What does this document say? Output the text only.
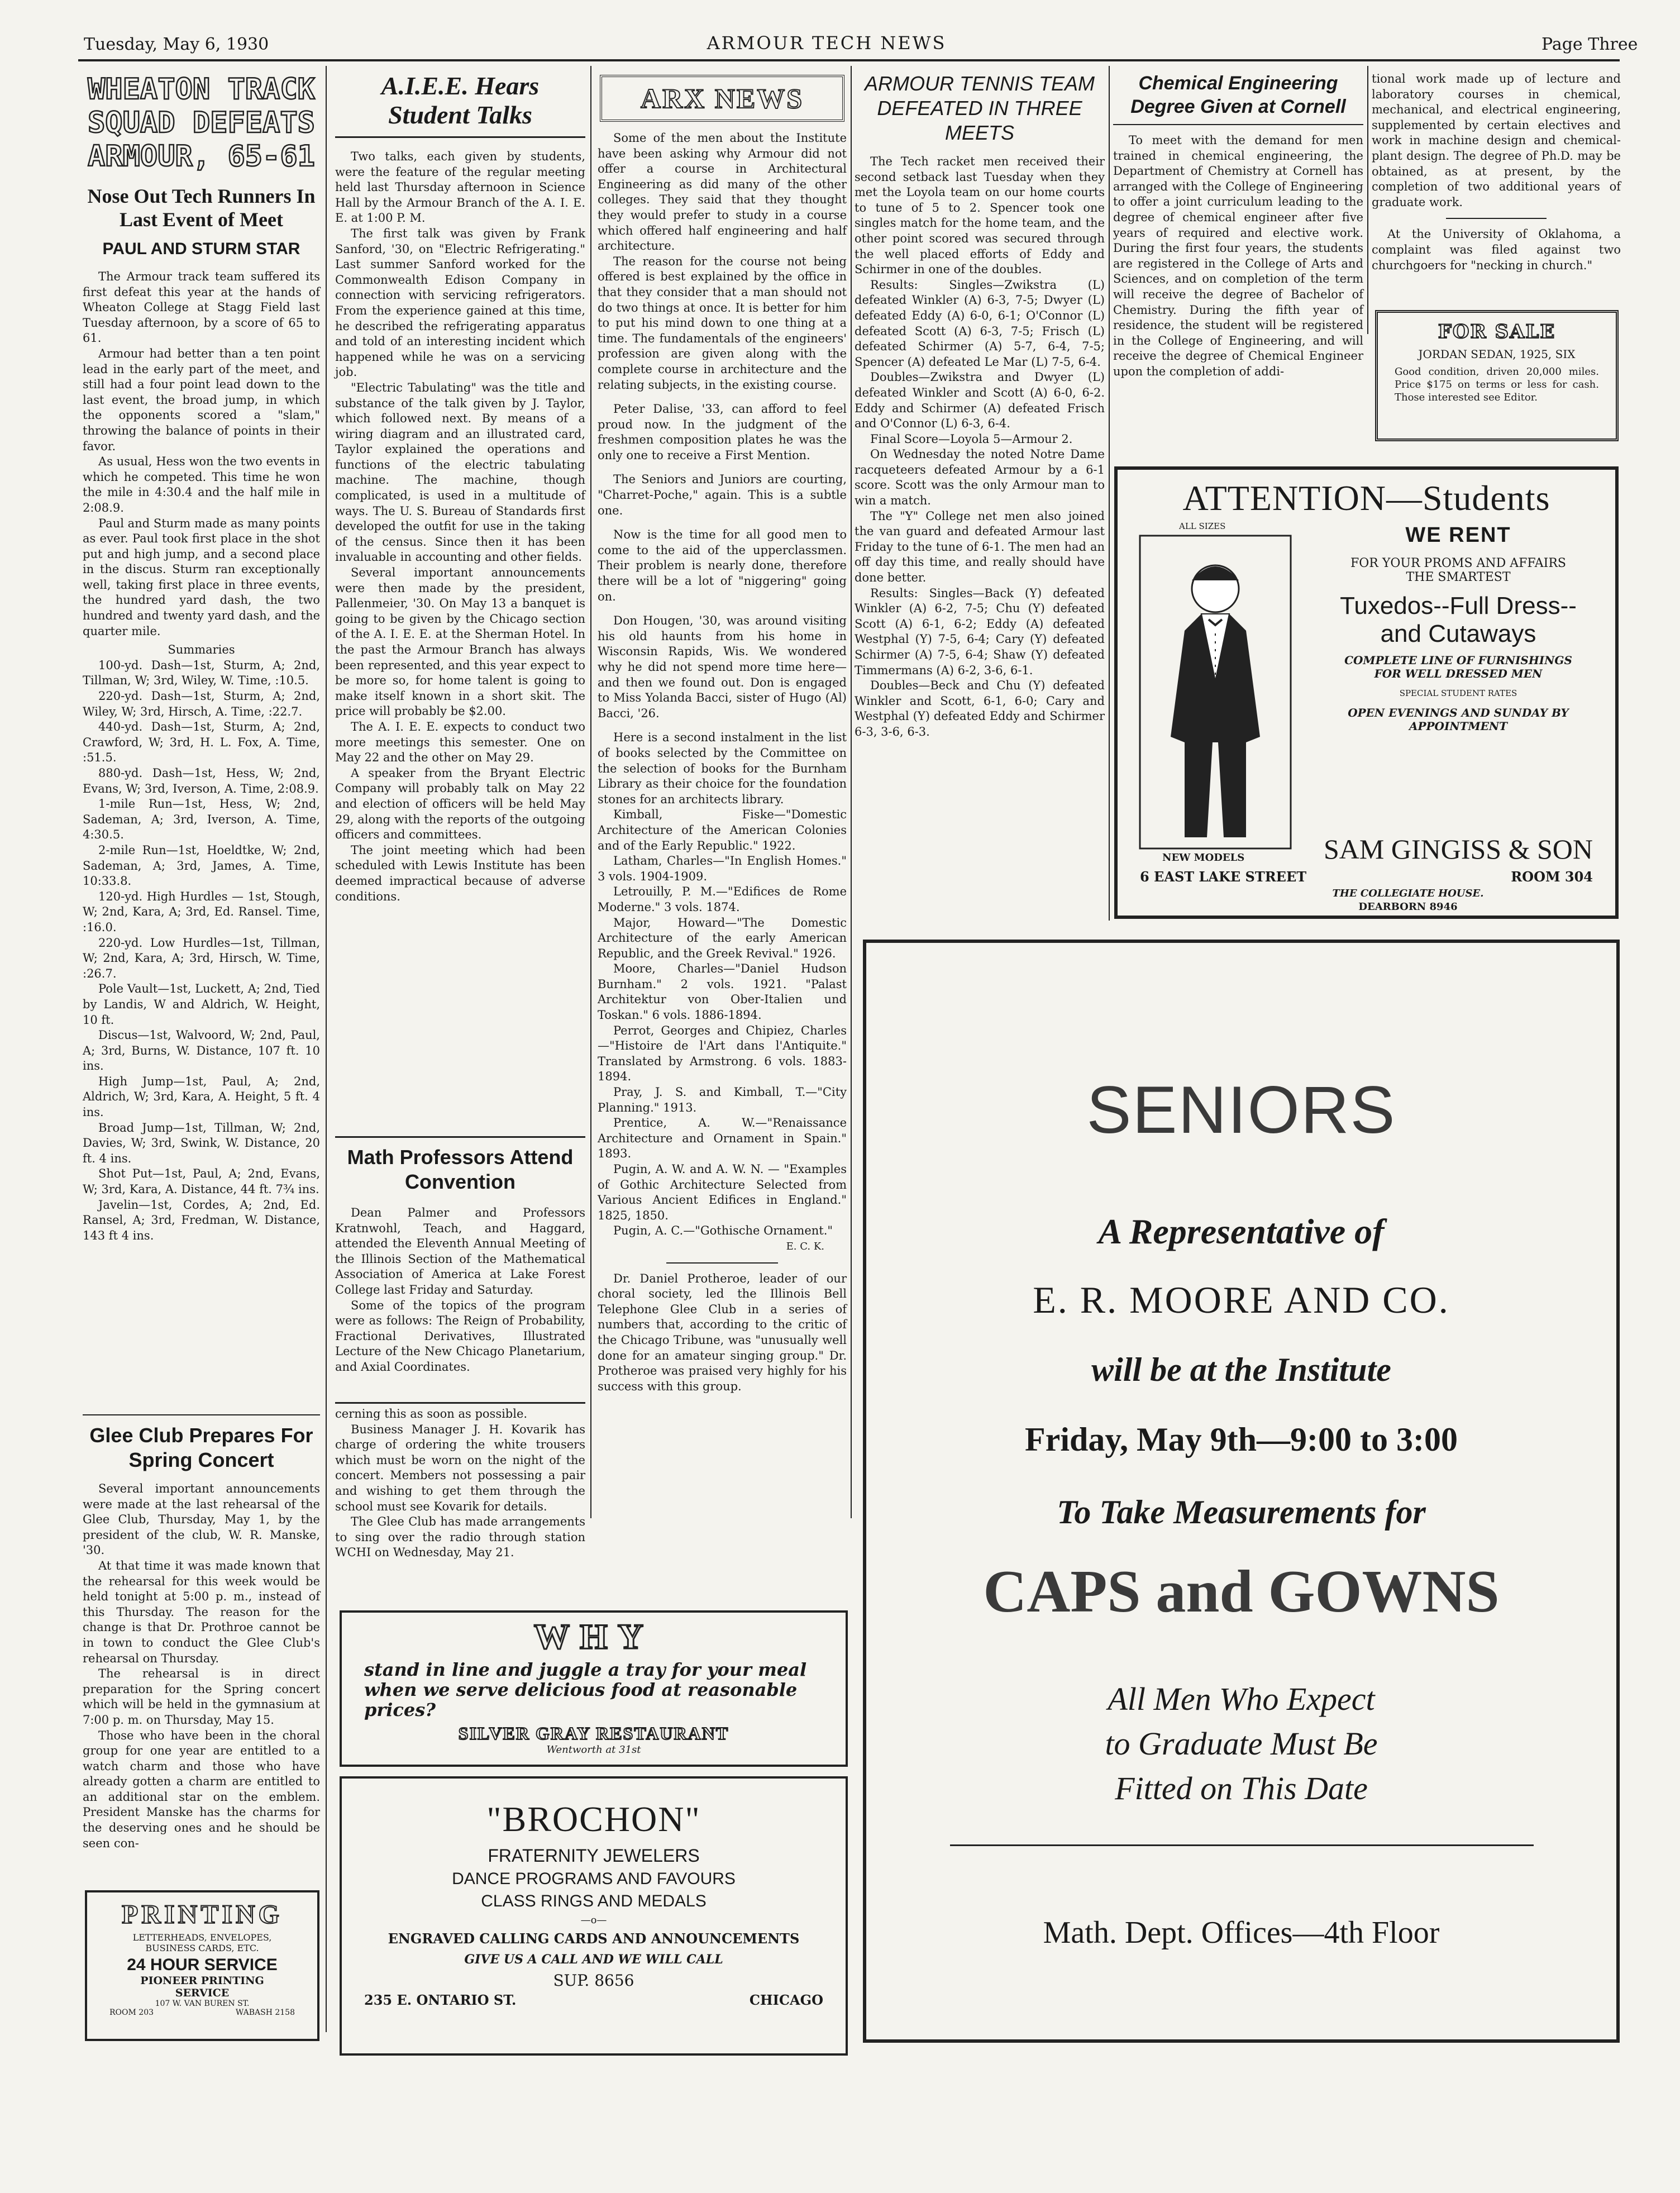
Tuesday, May 6, 1930	ARMOUR TECH NEWS	Page Three
WHEATON TRACK SQUAD DEFEATS ARMOUR, 65-61
Nose Out Tech Runners In Last Event of Meet
PAUL AND STURM STAR

The Armour track team suffered its first defeat this year at the hands of Wheaton College at Stagg Field last Tuesday afternoon, by a score of 65 to 61.

Armour had better than a ten point lead in the early part of the meet, and still had a four point lead down to the last event, the broad jump, in which the opponents scored a "slam," throwing the balance of points in their favor.

As usual, Hess won the two events in which he competed. This time he won the mile in 4:30.4 and the half mile in 2:08.9.

Paul and Sturm made as many points as ever. Paul took first place in the shot put and high jump, and a second place in the discus. Sturm ran exceptionally well, taking first place in three events, the hundred yard dash, the two hundred and twenty yard dash, and the quarter mile.

Summaries

100-yd. Dash—1st, Sturm, A; 2nd, Tillman, W; 3rd, Wiley, W. Time, :10.5.

220-yd. Dash—1st, Sturm, A; 2nd, Wiley, W; 3rd, Hirsch, A. Time, :22.7.

440-yd. Dash—1st, Sturm, A; 2nd, Crawford, W; 3rd, H. L. Fox, A. Time, :51.5.

880-yd. Dash—1st, Hess, W; 2nd, Evans, W; 3rd, Iverson, A. Time, 2:08.9.

1-mile Run—1st, Hess, W; 2nd, Sademan, A; 3rd, Iverson, A. Time, 4:30.5.

2-mile Run—1st, Hoeldtke, W; 2nd, Sademan, A; 3rd, James, A. Time, 10:33.8.

120-yd. High Hurdles — 1st, Stough, W; 2nd, Kara, A; 3rd, Ed. Ransel. Time, :16.0.

220-yd. Low Hurdles—1st, Tillman, W; 2nd, Kara, A; 3rd, Hirsch, W. Time, :26.7.

Pole Vault—1st, Luckett, A; 2nd, Tied by Landis, W and Aldrich, W. Height, 10 ft.

Discus—1st, Walvoord, W; 2nd, Paul, A; 3rd, Burns, W. Distance, 107 ft. 10 ins.

High Jump—1st, Paul, A; 2nd, Aldrich, W; 3rd, Kara, A. Height, 5 ft. 4 ins.

Broad Jump—1st, Tillman, W; 2nd, Davies, W; 3rd, Swink, W. Distance, 20 ft. 4 ins.

Shot Put—1st, Paul, A; 2nd, Evans, W; 3rd, Kara, A. Distance, 44 ft. 7¾ ins.

Javelin—1st, Cordes, A; 2nd, Ed. Ransel, A; 3rd, Fredman, W. Distance, 143 ft 4 ins.

Glee Club Prepares For Spring Concert

Several important announcements were made at the last rehearsal of the Glee Club, Thursday, May 1, by the president of the club, W. R. Manske, '30.

At that time it was made known that the rehearsal for this week would be held tonight at 5:00 p. m., instead of this Thursday. The reason for the change is that Dr. Prothroe cannot be in town to conduct the Glee Club's rehearsal on Thursday.

The rehearsal is in direct preparation for the Spring concert which will be held in the gymnasium at 7:00 p. m. on Thursday, May 15.

Those who have been in the choral group for one year are entitled to a watch charm and those who have already gotten a charm are entitled to an additional star on the emblem. President Manske has the charms for the deserving ones and he should be seen con-

PRINTING
LETTERHEADS, ENVELOPES,
BUSINESS CARDS, ETC.
24 HOUR SERVICE
PIONEER PRINTING
SERVICE
107 W. VAN BUREN ST.
ROOM 203	WABASH 2158
A.I.E.E. Hears Student Talks

Two talks, each given by students, were the feature of the regular meeting held last Thursday afternoon in Science Hall by the Armour Branch of the A. I. E. E. at 1:00 P. M.

The first talk was given by Frank Sanford, '30, on "Electric Refrigerating." Last summer Sanford worked for the Commonwealth Edison Company in connection with servicing refrigerators. From the experience gained at this time, he described the refrigerating apparatus and told of an interesting incident which happened while he was on a servicing job.

"Electric Tabulating" was the title and substance of the talk given by J. Taylor, which followed next. By means of a wiring diagram and an illustrated card, Taylor explained the operations and functions of the electric tabulating machine. The machine, though complicated, is used in a multitude of ways. The U. S. Bureau of Standards first developed the outfit for use in the taking of the census. Since then it has been invaluable in accounting and other fields.

Several important announcements were then made by the president, Pallenmeier, '30. On May 13 a banquet is going to be given by the Chicago section of the A. I. E. E. at the Sherman Hotel. In the past the Armour Branch has always been represented, and this year expect to be more so, for home talent is going to make itself known in a short skit. The price will probably be $2.00.

The A. I. E. E. expects to conduct two more meetings this semester. One on May 22 and the other on May 29.

A speaker from the Bryant Electric Company will probably talk on May 22 and election of officers will be held May 29, along with the reports of the outgoing officers and committees.

The joint meeting which had been scheduled with Lewis Institute has been deemed impractical because of adverse conditions.

Math Professors Attend Convention

Dean Palmer and Professors Kratnwohl, Teach, and Haggard, attended the Eleventh Annual Meeting of the Illinois Section of the Mathematical Association of America at Lake Forest College last Friday and Saturday.

Some of the topics of the program were as follows: The Reign of Probability, Fractional Derivatives, Illustrated Lecture of the New Chicago Planetarium, and Axial Coordinates.

cerning this as soon as possible.

Business Manager J. H. Kovarik has charge of ordering the white trousers which must be worn on the night of the concert. Members not possessing a pair and wishing to get them through the school must see Kovarik for details.

The Glee Club has made arrangements to sing over the radio through station WCHI on Wednesday, May 21.

ARX NEWS

Some of the men about the Institute have been asking why Armour did not offer a course in Architectural Engineering as did many of the other colleges. They said that they thought they would prefer to study in a course which offered half engineering and half architecture.

The reason for the course not being offered is best explained by the office in that they consider that a man should not do two things at once. It is better for him to put his mind down to one thing at a time. The fundamentals of the engineers' profession are given along with the complete course in architecture and the relating subjects, in the existing course.

Peter Dalise, '33, can afford to feel proud now. In the judgment of the freshmen composition plates he was the only one to receive a First Mention.

The Seniors and Juniors are courting, "Charret-Poche," again. This is a subtle one.

Now is the time for all good men to come to the aid of the upperclassmen. Their problem is nearly done, therefore there will be a lot of "niggering" going on.

Don Hougen, '30, was around visiting his old haunts from his home in Wisconsin Rapids, Wis. We wondered why he did not spend more time here—and then we found out. Don is engaged to Miss Yolanda Bacci, sister of Hugo (Al) Bacci, '26.

Here is a second instalment in the list of books selected by the Committee on the selection of books for the Burnham Library as their choice for the foundation stones for an architects library.

Kimball, Fiske—"Domestic Architecture of the American Colonies and of the Early Republic." 1922.

Latham, Charles—"In English Homes." 3 vols. 1904-1909.

Letrouilly, P. M.—"Edifices de Rome Moderne." 3 vols. 1874.

Major, Howard—"The Domestic Architecture of the early American Republic, and the Greek Revival." 1926.

Moore, Charles—"Daniel Hudson Burnham." 2 vols. 1921. "Palast Architektur von Ober-Italien und Toskan." 6 vols. 1886-1894.

Perrot, Georges and Chipiez, Charles—"Histoire de l'Art dans l'Antiquite." Translated by Armstrong. 6 vols. 1883-1894.

Pray, J. S. and Kimball, T.—"City Planning." 1913.

Prentice, A. W.—"Renaissance Architecture and Ornament in Spain." 1893.

Pugin, A. W. and A. W. N. — "Examples of Gothic Architecture Selected from Various Ancient Edifices in England." 1825, 1850.

Pugin, A. C.—"Gothische Ornament."

E. C. K.

Dr. Daniel Protheroe, leader of our choral society, led the Illinois Bell Telephone Glee Club in a series of numbers that, according to the critic of the Chicago Tribune, was "unusually well done for an amateur singing group." Dr. Protheroe was praised very highly for his success with this group.

ARMOUR TENNIS TEAM DEFEATED IN THREE MEETS

The Tech racket men received their second setback last Tuesday when they met the Loyola team on our home courts to tune of 5 to 2. Spencer took one singles match for the home team, and the other point scored was secured through the well placed efforts of Eddy and Schirmer in one of the doubles.

Results: Singles—Zwikstra (L) defeated Winkler (A) 6-3, 7-5; Dwyer (L) defeated Eddy (A) 6-0, 6-1; O'Connor (L) defeated Scott (A) 6-3, 7-5; Frisch (L) defeated Schirmer (A) 5-7, 6-4, 7-5; Spencer (A) defeated Le Mar (L) 7-5, 6-4.

Doubles—Zwikstra and Dwyer (L) defeated Winkler and Scott (A) 6-0, 6-2. Eddy and Schirmer (A) defeated Frisch and O'Connor (L) 6-3, 6-4.

Final Score—Loyola 5—Armour 2.

On Wednesday the noted Notre Dame racqueteers defeated Armour by a 6-1 score. Scott was the only Armour man to win a match.

The "Y" College net men also joined the van guard and defeated Armour last Friday to the tune of 6-1. The men had an off day this time, and really should have done better.

Results: Singles—Back (Y) defeated Winkler (A) 6-2, 7-5; Chu (Y) defeated Scott (A) 6-1, 6-2; Eddy (A) defeated Westphal (Y) 7-5, 6-4; Cary (Y) defeated Schirmer (A) 7-5, 6-4; Shaw (Y) defeated Timmermans (A) 6-2, 3-6, 6-1.

Doubles—Beck and Chu (Y) defeated Winkler and Scott, 6-1, 6-0; Cary and Westphal (Y) defeated Eddy and Schirmer 6-3, 3-6, 6-3.

Chemical Engineering Degree Given at Cornell

To meet with the demand for men trained in chemical engineering, the Department of Chemistry at Cornell has arranged with the College of Engineering to offer a joint curriculum leading to the degree of chemical engineer after five years of required and elective work. During the first four years, the students are registered in the College of Arts and Sciences, and on completion of the term will receive the degree of Bachelor of Chemistry. During the fifth year of residence, the student will be registered in the College of Engineering, and will receive the degree of Chemical Engineer upon the completion of addi-

tional work made up of lecture and laboratory courses in chemical, mechanical, and electrical engineering, supplemented by certain electives and work in machine design and chemical-plant design. The degree of Ph.D. may be obtained, as at present, by the completion of two additional years of graduate work.

At the University of Oklahoma, a complaint was filed against two churchgoers for "necking in church."

FOR SALE
JORDAN SEDAN, 1925, SIX
Good condition, driven 20,000 miles. Price $175 on terms or less for cash. Those interested see Editor.
ATTENTION—Students
ALL SIZES
NEW MODELS
WE RENT
FOR YOUR PROMS AND AFFAIRS
THE SMARTEST
Tuxedos--Full Dress--
and Cutaways
COMPLETE LINE OF FURNISHINGS
FOR WELL DRESSED MEN
SPECIAL STUDENT RATES
OPEN EVENINGS AND SUNDAY BY
APPOINTMENT
SAM GINGISS & SON
6 EAST LAKE STREET	ROOM 304
THE COLLEGIATE HOUSE.
DEARBORN 8946
WHY
stand in line and juggle a tray for your meal when we serve delicious food at reasonable prices?
SILVER GRAY RESTAURANT
Wentworth at 31st
"BROCHON"
FRATERNITY JEWELERS
DANCE PROGRAMS AND FAVOURS
CLASS RINGS AND MEDALS
—o—
ENGRAVED CALLING CARDS AND ANNOUNCEMENTS
GIVE US A CALL AND WE WILL CALL
SUP. 8656
235 E. ONTARIO ST.	CHICAGO
SENIORS
A Representative of
E. R. MOORE AND CO.
will be at the Institute
Friday, May 9th—9:00 to 3:00
To Take Measurements for
CAPS and GOWNS
All Men Who Expect
to Graduate Must Be
Fitted on This Date
Math. Dept. Offices—4th Floor
